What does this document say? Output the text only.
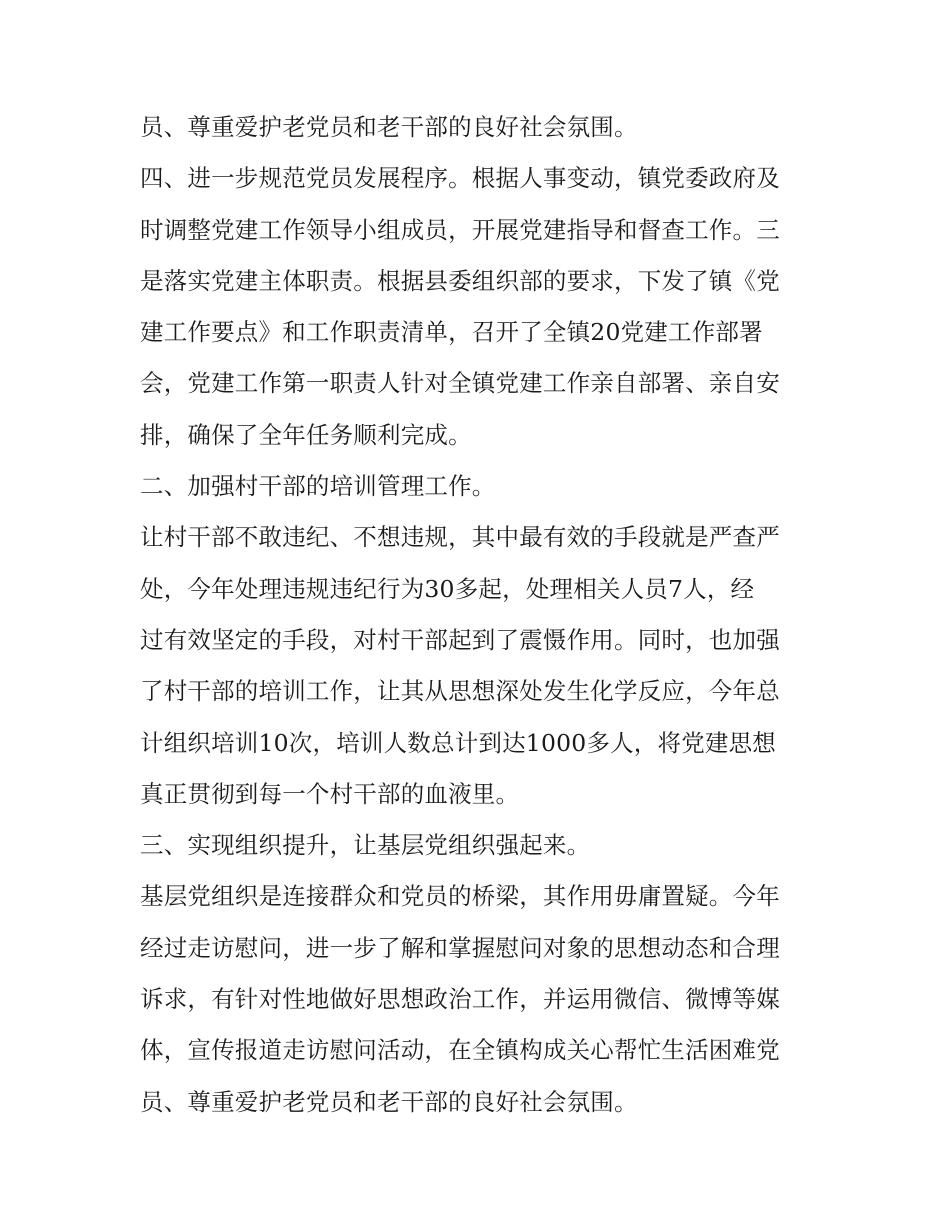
员、尊重爱护老党员和老干部的良好社会氛围。
四、进一步规范党员发展程序。根据人事变动，镇党委政府及
时调整党建工作领导小组成员，开展党建指导和督查工作。三
是落实党建主体职责。根据县委组织部的要求，下发了镇《党
建工作要点》和工作职责清单，召开了全镇20党建工作部署
会，党建工作第一职责人针对全镇党建工作亲自部署、亲自安
排，确保了全年任务顺利完成。
二、加强村干部的培训管理工作。
让村干部不敢违纪、不想违规，其中最有效的手段就是严查严
处，今年处理违规违纪行为30多起，处理相关人员7人，经
过有效坚定的手段，对村干部起到了震慑作用。同时，也加强
了村干部的培训工作，让其从思想深处发生化学反应，今年总
计组织培训10次，培训人数总计到达1000多人，将党建思想
真正贯彻到每一个村干部的血液里。
三、实现组织提升，让基层党组织强起来。
基层党组织是连接群众和党员的桥梁，其作用毋庸置疑。今年
经过走访慰问，进一步了解和掌握慰问对象的思想动态和合理
诉求，有针对性地做好思想政治工作，并运用微信、微博等媒
体，宣传报道走访慰问活动，在全镇构成关心帮忙生活困难党
员、尊重爱护老党员和老干部的良好社会氛围。
